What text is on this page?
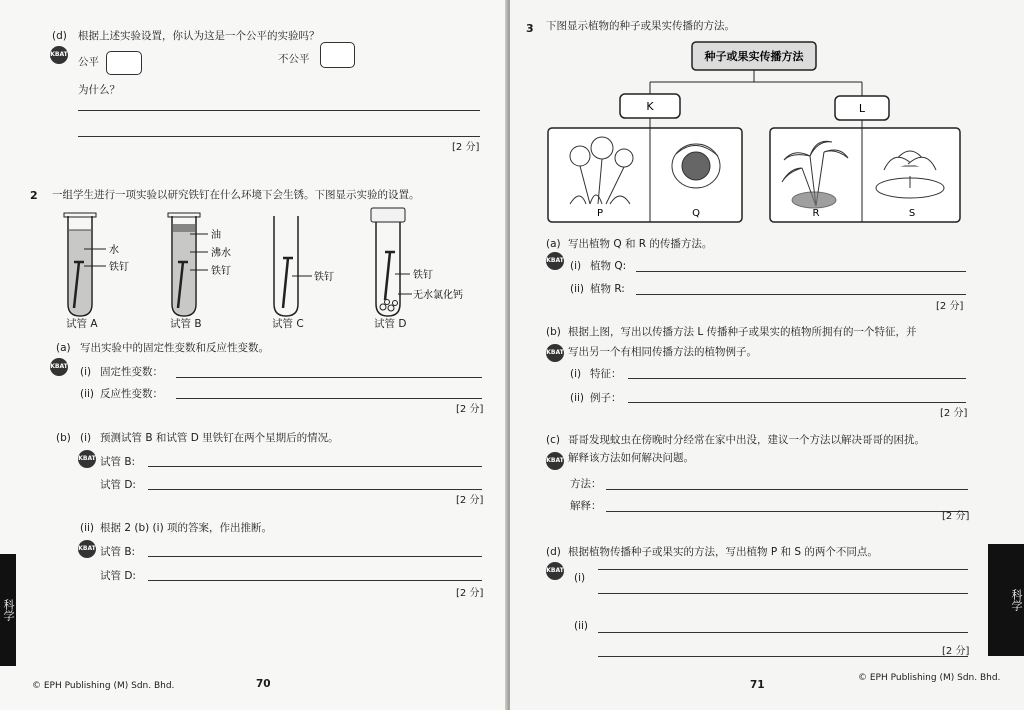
(d) 根据上述实验设置，你认为这是一个公平的实验吗？
KBAT
公平	不公平
为什么？
[2 分]
2 一组学生进行一项实验以研究铁钉在什么环境下会生锈。下图显示实验的设置。
水
铁钉
油
沸水
铁钉
铁钉	铁钉
无水氯化钙
试管 A	试管 B	试管 C	试管 D
(a) 写出实验中的固定性变数和反应性变数。
KBAT (i) 固定性变数：
(ii) 反应性变数：
[2 分]
(b) (i) 预测试管 B 和试管 D 里铁钉在两个星期后的情况。
KBAT 试管 B:
试管 D:
[2 分]
(ii) 根据 2 (b) (i) 项的答案，作出推断。
KBAT 试管 B:
试管 D:
[2 分]
科学
© EPH Publishing (M) Sdn. Bhd.	70
3 下图显示植物的种子或果实传播的方法。
种子或果实传播方法
K	L
P	Q	R	S
(a) 写出植物 Q 和 R 的传播方法。
KBAT (i) 植物 Q:
(ii) 植物 R:
[2 分]
(b) 根据上图，写出以传播方法 L 传播种子或果实的植物所拥有的一个特征，并
KBAT 写出另一个有相同传播方法的植物例子。
(i) 特征：
(ii) 例子：
[2 分]
(c) 哥哥发现蚊虫在傍晚时分经常在家中出没，建议一个方法以解决哥哥的困扰。
KBAT 解释该方法如何解决问题。
方法：
解释：
[2 分]
(d) 根据植物传播种子或果实的方法，写出植物 P 和 S 的两个不同点。
KBAT
(i)
(ii)
[2 分]
71
© EPH Publishing (M) Sdn. Bhd.
科学
